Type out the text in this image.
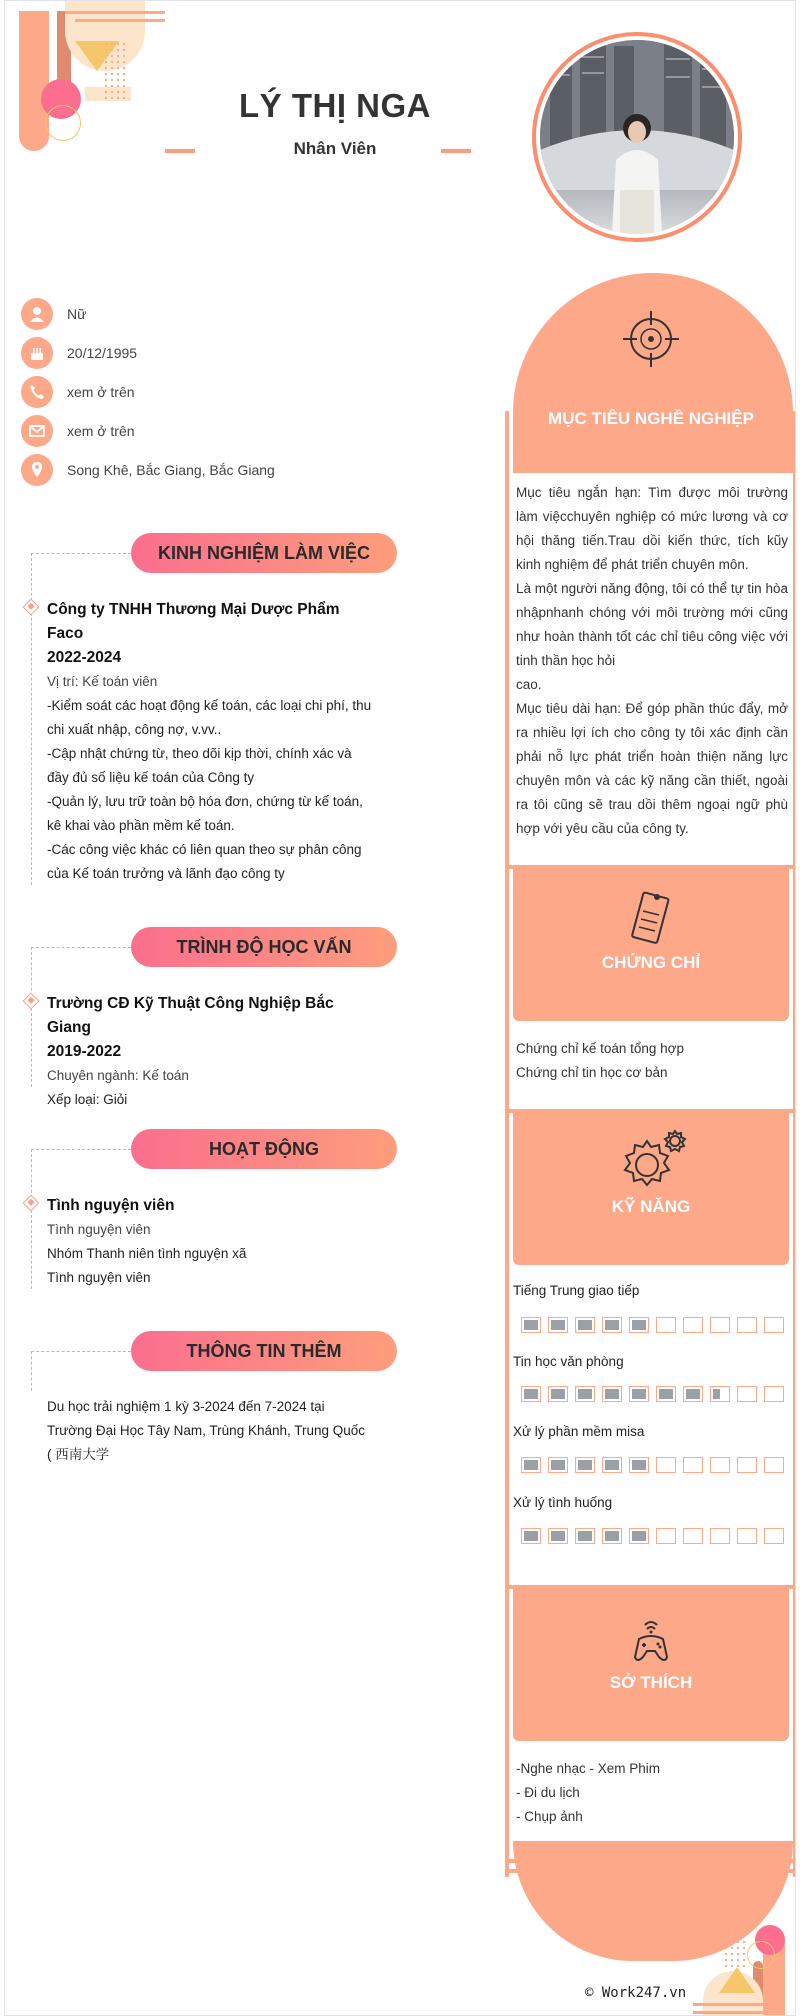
LÝ THỊ NGA
Nhân Viên
Nữ
20/12/1995
xem ở trên
xem ở trên
Song Khê, Bắc Giang, Bắc Giang
KINH NGHIỆM LÀM VIỆC
Công ty TNHH Thương Mại Dược Phẩm Faco
2022-2024
Vị trí: Kế toán viên
-Kiểm soát các hoạt động kế toán, các loại chi phí, thu chi xuất nhập, công nợ, v.vv..
-Cập nhật chứng từ, theo dõi kịp thời, chính xác và đầy đủ số liệu kế toán của Công ty
-Quản lý, lưu trữ toàn bộ hóa đơn, chứng từ kế toán, kê khai vào phần mềm kế toán.
-Các công việc khác có liên quan theo sự phân công của Kế toán trưởng và lãnh đạo công ty
TRÌNH ĐỘ HỌC VẤN
Trường CĐ Kỹ Thuật Công Nghiệp Bắc Giang
2019-2022
Chuyên ngành: Kế toán
Xếp loại: Giỏi
HOẠT ĐỘNG
Tình nguyện viên
Tình nguyện viên
Nhóm Thanh niên tình nguyện xã
Tình nguyện viên
THÔNG TIN THÊM
Du học trải nghiệm 1 kỳ 3-2024 đến 7-2024 tại
Trường Đại Học Tây Nam, Trùng Khánh, Trung Quốc
( 西南大学
MỤC TIÊU NGHỀ NGHIỆP
Mục tiêu ngắn hạn: Tìm được môi trường làm việcchuyên nghiệp có mức lương và cơ hội thăng tiến.Trau dồi kiến thức, tích kũy kinh nghiệm để phát triển chuyên môn.
Là một người năng động, tôi có thể tự tin hòa nhậpnhanh chóng với môi trường mới cũng như hoàn thành tốt các chỉ tiêu công việc với tinh thần học hỏi
cao.
Mục tiêu dài hạn: Để góp phần thúc đẩy, mở ra nhiều lợi ích cho công ty tôi xác định cần phải nỗ lực phát triển hoàn thiện năng lực chuyên môn và các kỹ năng cần thiết, ngoài ra tôi cũng sẽ trau dồi thêm ngoại ngữ phù hợp với yêu cầu của công ty.
CHỨNG CHỈ
Chứng chỉ kế toán tổng hợp
Chứng chỉ tin học cơ bản
KỸ NĂNG
Tiếng Trung giao tiếp
Tin học văn phòng
Xử lý phần mềm misa
Xử lý tình huống
SỞ THÍCH
-Nghe nhạc - Xem Phim
- Đi du lịch
- Chụp ảnh
© Work247.vn
